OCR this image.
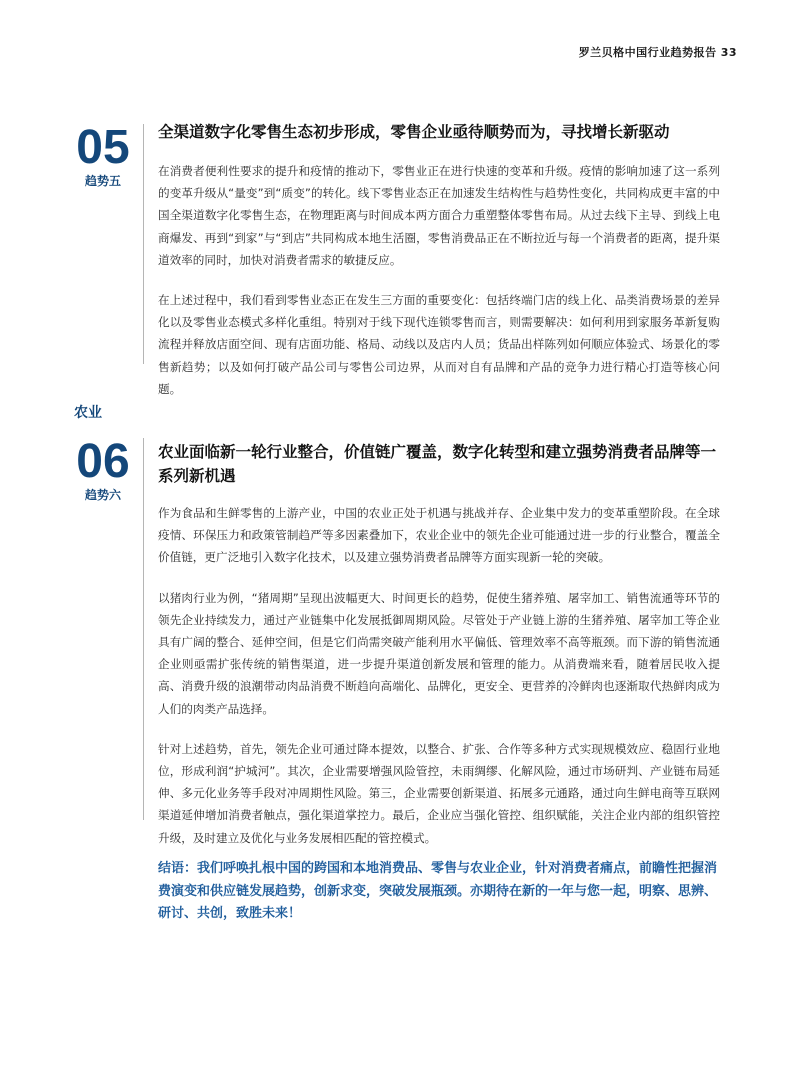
罗兰贝格中国行业趋势报告 33
05
趋势五
全渠道数字化零售生态初步形成，零售企业亟待顺势而为，寻找增长新驱动

在消费者便利性要求的提升和疫情的推动下，零售业正在进行快速的变革和升级。疫情的影响加速了这一系列的变革升级从“量变”到“质变”的转化。线下零售业态正在加速发生结构性与趋势性变化，共同构成更丰富的中国全渠道数字化零售生态，在物理距离与时间成本两方面合力重塑整体零售布局。从过去线下主导、到线上电商爆发、再到“到家”与“到店”共同构成本地生活圈，零售消费品正在不断拉近与每一个消费者的距离，提升渠道效率的同时，加快对消费者需求的敏捷反应。

在上述过程中，我们看到零售业态正在发生三方面的重要变化：包括终端门店的线上化、品类消费场景的差异化以及零售业态模式多样化重组。特别对于线下现代连锁零售而言，则需要解决：如何利用到家服务革新复购流程并释放店面空间、现有店面功能、格局、动线以及店内人员；货品出样陈列如何顺应体验式、场景化的零售新趋势；以及如何打破产品公司与零售公司边界，从而对自有品牌和产品的竞争力进行精心打造等核心问题。

农业
06
趋势六
农业面临新一轮行业整合，价值链广覆盖，数字化转型和建立强势消费者品牌等一系列新机遇

作为食品和生鲜零售的上游产业，中国的农业正处于机遇与挑战并存、企业集中发力的变革重塑阶段。在全球疫情、环保压力和政策管制趋严等多因素叠加下，农业企业中的领先企业可能通过进一步的行业整合，覆盖全价值链，更广泛地引入数字化技术，以及建立强势消费者品牌等方面实现新一轮的突破。

以猪肉行业为例，“猪周期”呈现出波幅更大、时间更长的趋势，促使生猪养殖、屠宰加工、销售流通等环节的领先企业持续发力，通过产业链集中化发展抵御周期风险。尽管处于产业链上游的生猪养殖、屠宰加工等企业具有广阔的整合、延伸空间，但是它们尚需突破产能利用水平偏低、管理效率不高等瓶颈。而下游的销售流通企业则亟需扩张传统的销售渠道，进一步提升渠道创新发展和管理的能力。从消费端来看，随着居民收入提高、消费升级的浪潮带动肉品消费不断趋向高端化、品牌化，更安全、更营养的冷鲜肉也逐渐取代热鲜肉成为人们的肉类产品选择。

针对上述趋势，首先，领先企业可通过降本提效，以整合、扩张、合作等多种方式实现规模效应、稳固行业地位，形成利润“护城河”。其次，企业需要增强风险管控，未雨绸缪、化解风险，通过市场研判、产业链布局延伸、多元化业务等手段对冲周期性风险。第三，企业需要创新渠道、拓展多元通路，通过向生鲜电商等互联网渠道延伸增加消费者触点，强化渠道掌控力。最后，企业应当强化管控、组织赋能，关注企业内部的组织管控升级，及时建立及优化与业务发展相匹配的管控模式。

结语：我们呼唤扎根中国的跨国和本地消费品、零售与农业企业，针对消费者痛点，前瞻性把握消费演变和供应链发展趋势，创新求变，突破发展瓶颈。亦期待在新的一年与您一起，明察、思辨、研讨、共创，致胜未来！
